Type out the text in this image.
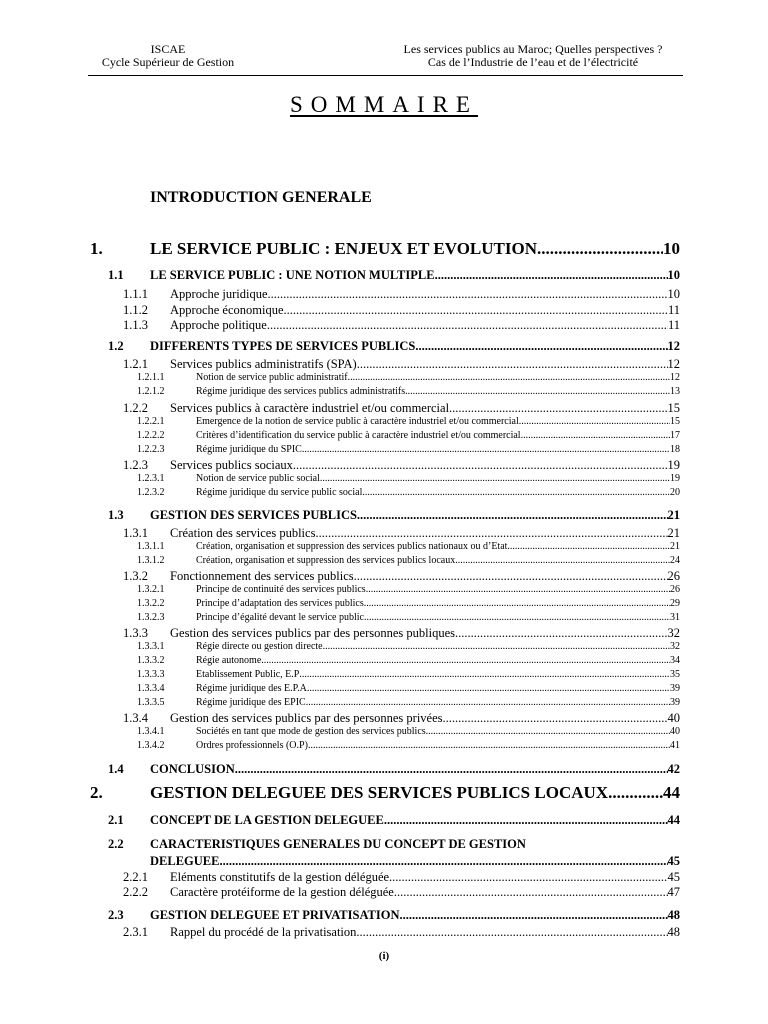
ISCAE
Cycle Supérieur de Gestion
Les services publics au Maroc; Quelles perspectives ?
Cas de l’Industrie de l’eau et de l’électricité
SOMMAIRE
INTRODUCTION GENERALE
1.	LE SERVICE PUBLIC : ENJEUX ET EVOLUTION .....	10
1.1 LE SERVICE PUBLIC : UNE NOTION MULTIPLE .....	10
1.1.1 Approche juridique .....	10
1.1.2 Approche économique .....	11
1.1.3 Approche politique .....	11
1.2 DIFFERENTS TYPES DE SERVICES PUBLICS .....	12
1.2.1 Services publics administratifs (SPA) .....	12
1.2.1.1	Notion de service public administratif .....	12
1.2.1.2	Régime juridique des services publics administratifs .....	13
1.2.2 Services publics à caractère industriel et/ou commercial .....	15
1.2.2.1	Emergence de la notion de service public à caractère industriel et/ou commercial .....	15
1.2.2.2	Critères d’identification du service public à caractère industriel et/ou commercial .....	17
1.2.2.3	Régime juridique du SPIC .....	18
1.2.3 Services publics sociaux .....	19
1.2.3.1	Notion de service public social .....	19
1.2.3.2	Régime juridique du service public social .....	20
1.3 GESTION DES SERVICES PUBLICS .....	21
1.3.1 Création des services publics .....	21
1.3.1.1	Création, organisation et suppression des services publics nationaux ou d’Etat .....	21
1.3.1.2	Création, organisation et suppression des services publics locaux .....	24
1.3.2 Fonctionnement des services publics .....	26
1.3.2.1	Principe de continuité des services publics .....	26
1.3.2.2	Principe d’adaptation des services publics .....	29
1.3.2.3	Principe d’égalité devant le service public .....	31
1.3.3 Gestion des services publics par des personnes publiques .....	32
1.3.3.1	Régie directe ou gestion directe .....	32
1.3.3.2	Régie autonome .....	34
1.3.3.3	Etablissement Public, E.P .....	35
1.3.3.4	Régime juridique des E.P.A .....	39
1.3.3.5	Régime juridique des EPIC .....	39
1.3.4 Gestion des services publics par des personnes privées .....	40
1.3.4.1	Sociétés en tant que mode de gestion des services publics .....	40
1.3.4.2	Ordres professionnels (O.P) .....	41
1.4 CONCLUSION .....	42
2.	GESTION DELEGUEE DES SERVICES PUBLICS LOCAUX .....	44
2.1 CONCEPT DE LA GESTION DELEGUEE .....	44
2.2 CARACTERISTIQUES GENERALES DU CONCEPT DE GESTION
DELEGUEE .....	45
2.2.1 Eléments constitutifs de la gestion déléguée .....	45
2.2.2 Caractère protéiforme de la gestion déléguée .....	47
2.3 GESTION DELEGUEE ET PRIVATISATION .....	48
2.3.1 Rappel du procédé de la privatisation .....	48
(i)
